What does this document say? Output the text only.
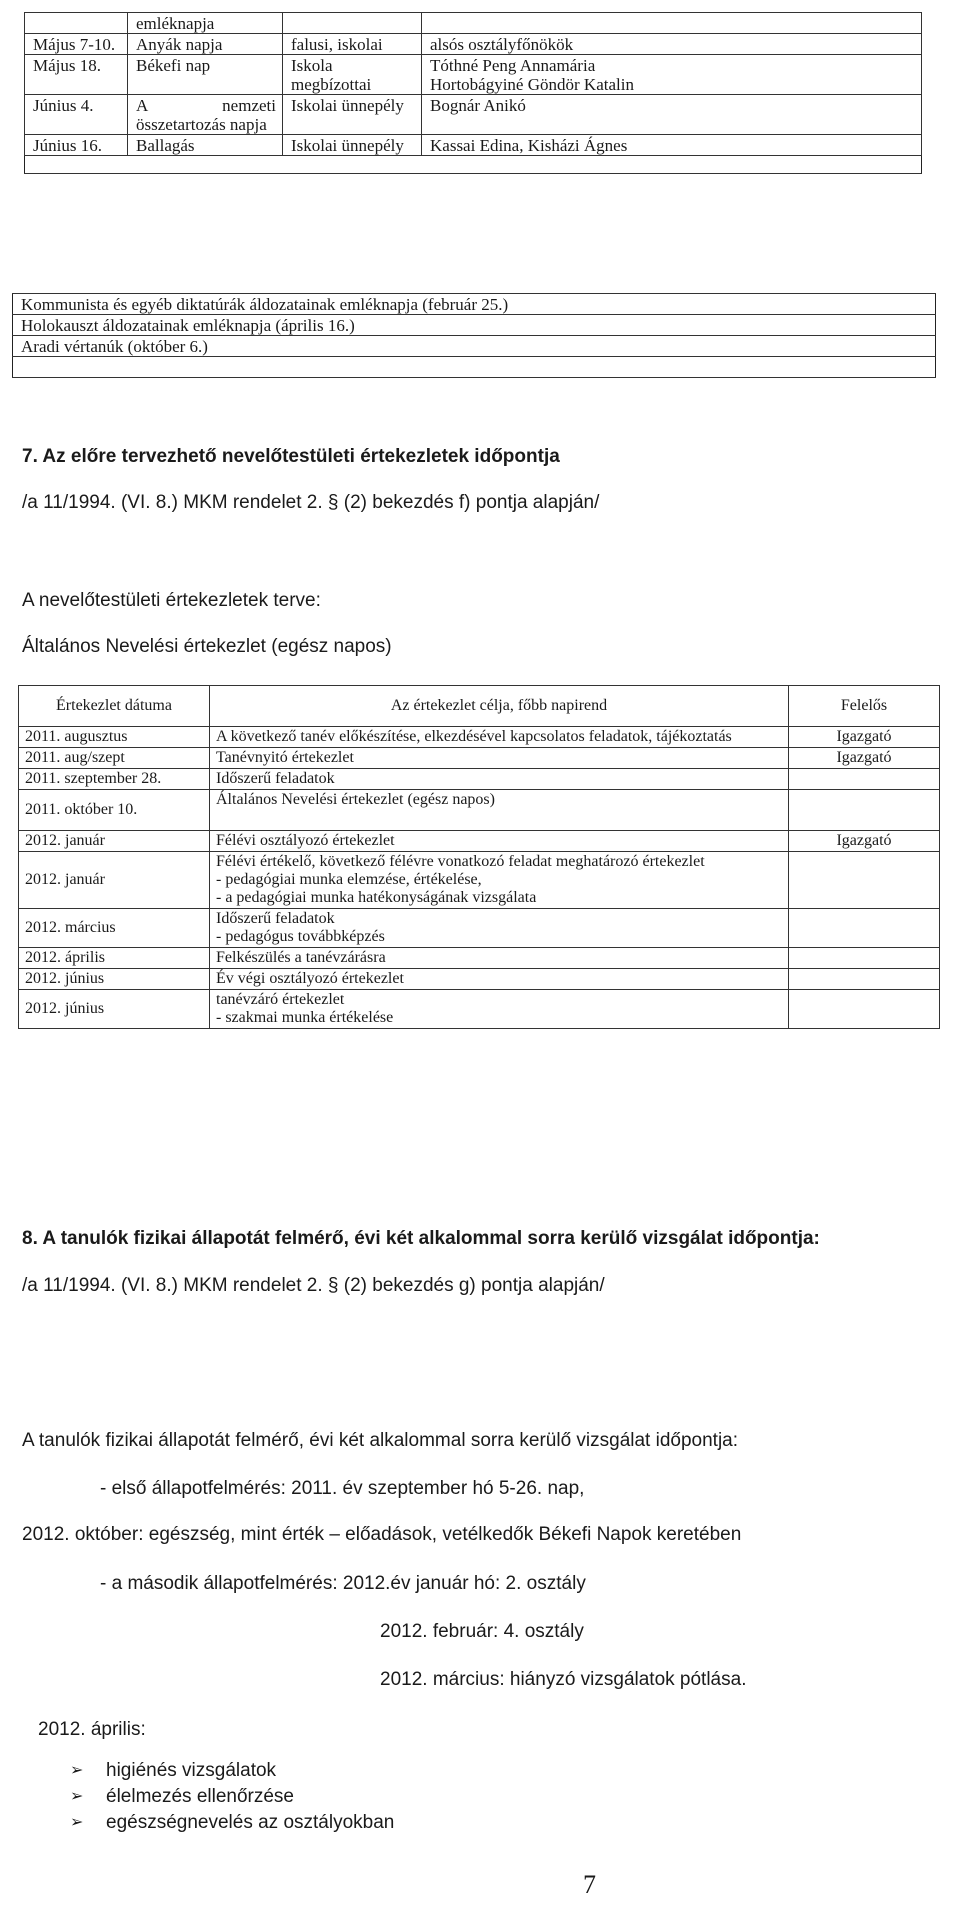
	emléknapja		
Május 7-10.	Anyák napja	falusi, iskolai	alsós osztályfőnökök
Május 18.	Békefi nap	Iskola megbízottai	Tóthné Peng Annamária
Hortobágyiné Göndör Katalin
Június 4.	A nemzeti összetartozás napja	Iskolai ünnepély	Bognár Anikó
Június 16.	Ballagás	Iskolai ünnepély	Kassai Edina, Kisházi Ágnes

Kommunista és egyéb diktatúrák áldozatainak emléknapja (február 25.)
Holokauszt áldozatainak emléknapja (április 16.)
Aradi vértanúk (október 6.)

7. Az előre tervezhető nevelőtestületi értekezletek időpontja
/a 11/1994. (VI. 8.) MKM rendelet 2. § (2) bekezdés f) pontja alapján/
A nevelőtestületi értekezletek terve:
Általános Nevelési értekezlet (egész napos)
Értekezlet dátuma	Az értekezlet célja, főbb napirend	Felelős
2011. augusztus	A következő tanév előkészítése, elkezdésével kapcsolatos feladatok, tájékoztatás	Igazgató
2011. aug/szept	Tanévnyitó értekezlet	Igazgató
2011. szeptember 28.	Időszerű feladatok	
2011. október 10.	Általános Nevelési értekezlet (egész napos)	
2012. január	Félévi osztályozó értekezlet	Igazgató
2012. január	Félévi értékelő, következő félévre vonatkozó feladat meghatározó értekezlet
- pedagógiai munka elemzése, értékelése,
- a pedagógiai munka hatékonyságának vizsgálata	
2012. március	Időszerű feladatok
- pedagógus továbbképzés	
2012. április	Felkészülés a tanévzárásra	
2012. június	Év végi osztályozó értekezlet	
2012. június	tanévzáró értekezlet
- szakmai munka értékelése	
8. A tanulók fizikai állapotát felmérő, évi két alkalommal sorra kerülő vizsgálat időpontja:
/a 11/1994. (VI. 8.) MKM rendelet 2. § (2) bekezdés g) pontja alapján/
A tanulók fizikai állapotát felmérő, évi két alkalommal sorra kerülő vizsgálat időpontja:
- első állapotfelmérés: 2011. év szeptember hó 5-26. nap,
2012. október: egészség, mint érték – előadások, vetélkedők Békefi Napok keretében
- a második állapotfelmérés: 2012.év január hó: 2. osztály
2012. február: 4. osztály
2012. március: hiányzó vizsgálatok pótlása.
2012. április:
➢	higiénés vizsgálatok
➢	élelmezés ellenőrzése
➢	egészségnevelés az osztályokban
7
